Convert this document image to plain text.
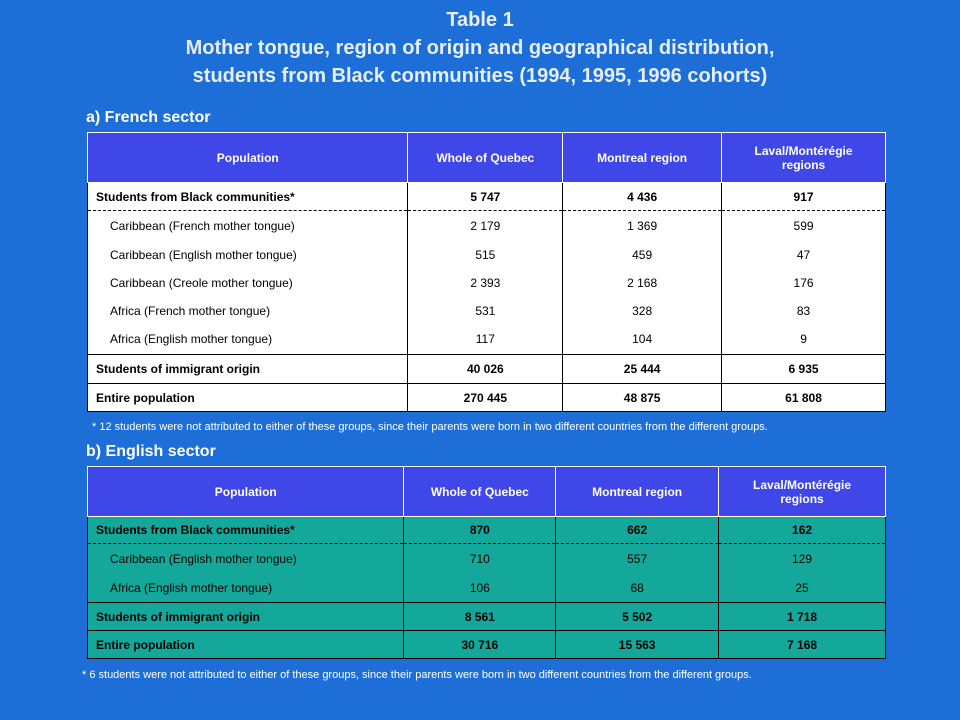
Table 1
Mother tongue, region of origin and geographical distribution,
students from Black communities (1994, 1995, 1996 cohorts)
a) French sector
Population	Whole of Quebec	Montreal region	Laval/Montérégie regions
Students from Black communities*	5 747	4 436	917
Caribbean (French mother tongue)	2 179	1 369	599
Caribbean (English mother tongue)	515	459	47
Caribbean (Creole mother tongue)	2 393	2 168	176
Africa (French mother tongue)	531	328	83
Africa (English mother tongue)	117	104	9
Students of immigrant origin	40 026	25 444	6 935
Entire population	270 445	48 875	61 808
* 12 students were not attributed to either of these groups, since their parents were born in two different countries from the different groups.
b) English sector
Population	Whole of Quebec	Montreal region	Laval/Montérégie regions
Students from Black communities*	870	662	162
Caribbean (English mother tongue)	710	557	129
Africa (English mother tongue)	106	68	25
Students of immigrant origin	8 561	5 502	1 718
Entire population	30 716	15 563	7 168
* 6 students were not attributed to either of these groups, since their parents were born in two different countries from the different groups.
